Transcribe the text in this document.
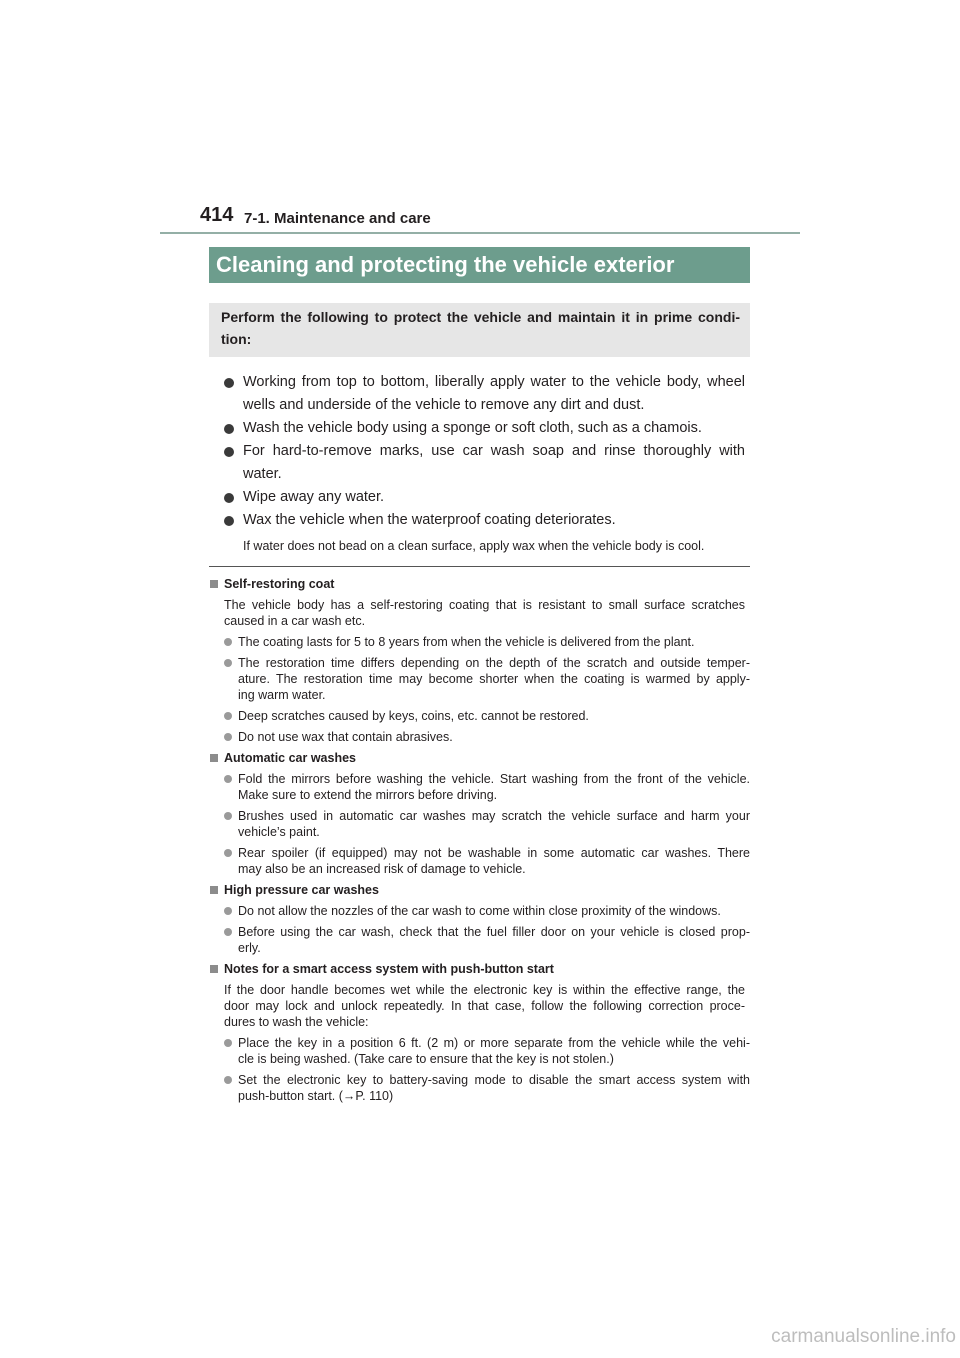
414 7-1. Maintenance and care
Cleaning and protecting the vehicle exterior
Perform the following to protect the vehicle and maintain it in prime condi-
tion:
Working from top to bottom, liberally apply water to the vehicle body, wheel
wells and underside of the vehicle to remove any dirt and dust.
Wash the vehicle body using a sponge or soft cloth, such as a chamois.
For hard-to-remove marks, use car wash soap and rinse thoroughly with
water.
Wipe away any water.
Wax the vehicle when the waterproof coating deteriorates.
If water does not bead on a clean surface, apply wax when the vehicle body is cool.
Self-restoring coat
The vehicle body has a self-restoring coating that is resistant to small surface scratches
caused in a car wash etc.
The coating lasts for 5 to 8 years from when the vehicle is delivered from the plant.
The restoration time differs depending on the depth of the scratch and outside temper-
ature. The restoration time may become shorter when the coating is warmed by apply-
ing warm water.
Deep scratches caused by keys, coins, etc. cannot be restored.
Do not use wax that contain abrasives.
Automatic car washes
Fold the mirrors before washing the vehicle. Start washing from the front of the vehicle.
Make sure to extend the mirrors before driving.
Brushes used in automatic car washes may scratch the vehicle surface and harm your
vehicle’s paint.
Rear spoiler (if equipped) may not be washable in some automatic car washes. There
may also be an increased risk of damage to vehicle.
High pressure car washes
Do not allow the nozzles of the car wash to come within close proximity of the windows.
Before using the car wash, check that the fuel filler door on your vehicle is closed prop-
erly.
Notes for a smart access system with push-button start
If the door handle becomes wet while the electronic key is within the effective range, the
door may lock and unlock repeatedly. In that case, follow the following correction proce-
dures to wash the vehicle:
Place the key in a position 6 ft. (2 m) or more separate from the vehicle while the vehi-
cle is being washed. (Take care to ensure that the key is not stolen.)
Set the electronic key to battery-saving mode to disable the smart access system with
push-button start. (→P. 110)
carmanualsonline.info
